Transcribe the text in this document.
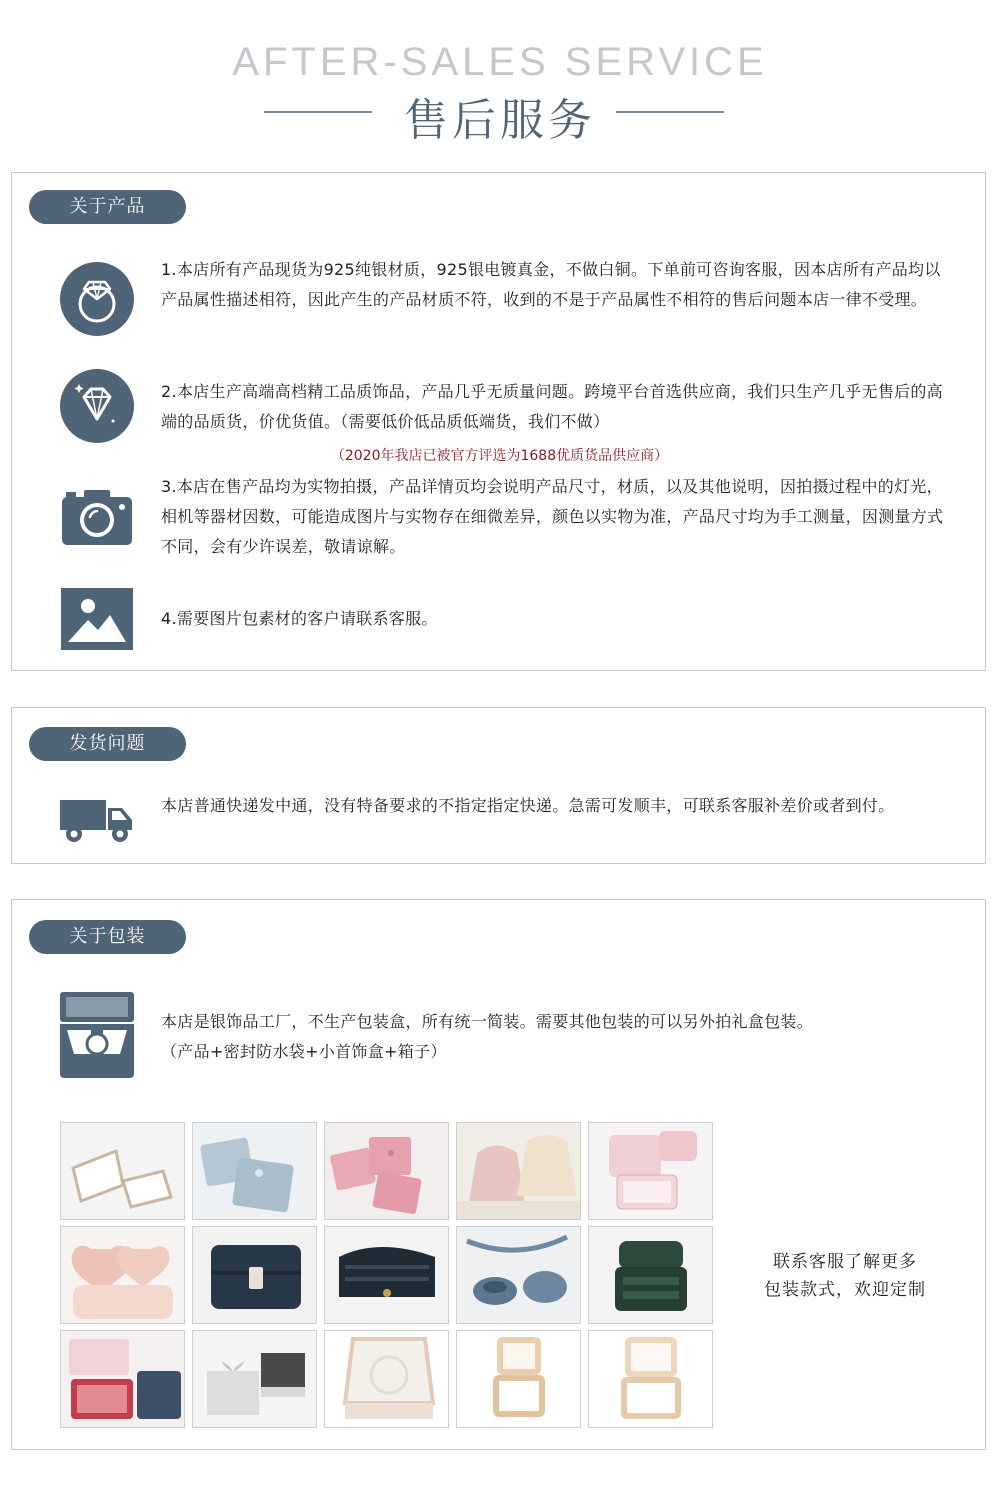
AFTER-SALES SERVICE
售后服务
关于产品
1.本店所有产品现货为925纯银材质，925银电镀真金，不做白铜。下单前可咨询客服，因本店所有产品均以产品属性描述相符，因此产生的产品材质不符，收到的不是于产品属性不相符的售后问题本店一律不受理。
2.本店生产高端高档精工品质饰品，产品几乎无质量问题。跨境平台首选供应商，我们只生产几乎无售后的高端的品质货，价优货值。（需要低价低品质低端货，我们不做）
（2020年我店已被官方评选为1688优质货品供应商）
3.本店在售产品均为实物拍摄，产品详情页均会说明产品尺寸，材质，以及其他说明，因拍摄过程中的灯光，相机等器材因数，可能造成图片与实物存在细微差异，颜色以实物为准，产品尺寸均为手工测量，因测量方式不同，会有少许误差，敬请谅解。
4.需要图片包素材的客户请联系客服。
发货问题
本店普通快递发中通，没有特备要求的不指定指定快递。急需可发顺丰，可联系客服补差价或者到付。
关于包装
本店是银饰品工厂，不生产包装盒，所有统一简装。需要其他包装的可以另外拍礼盒包装。
（产品+密封防水袋+小首饰盒+箱子）
联系客服了解更多
包装款式，欢迎定制
